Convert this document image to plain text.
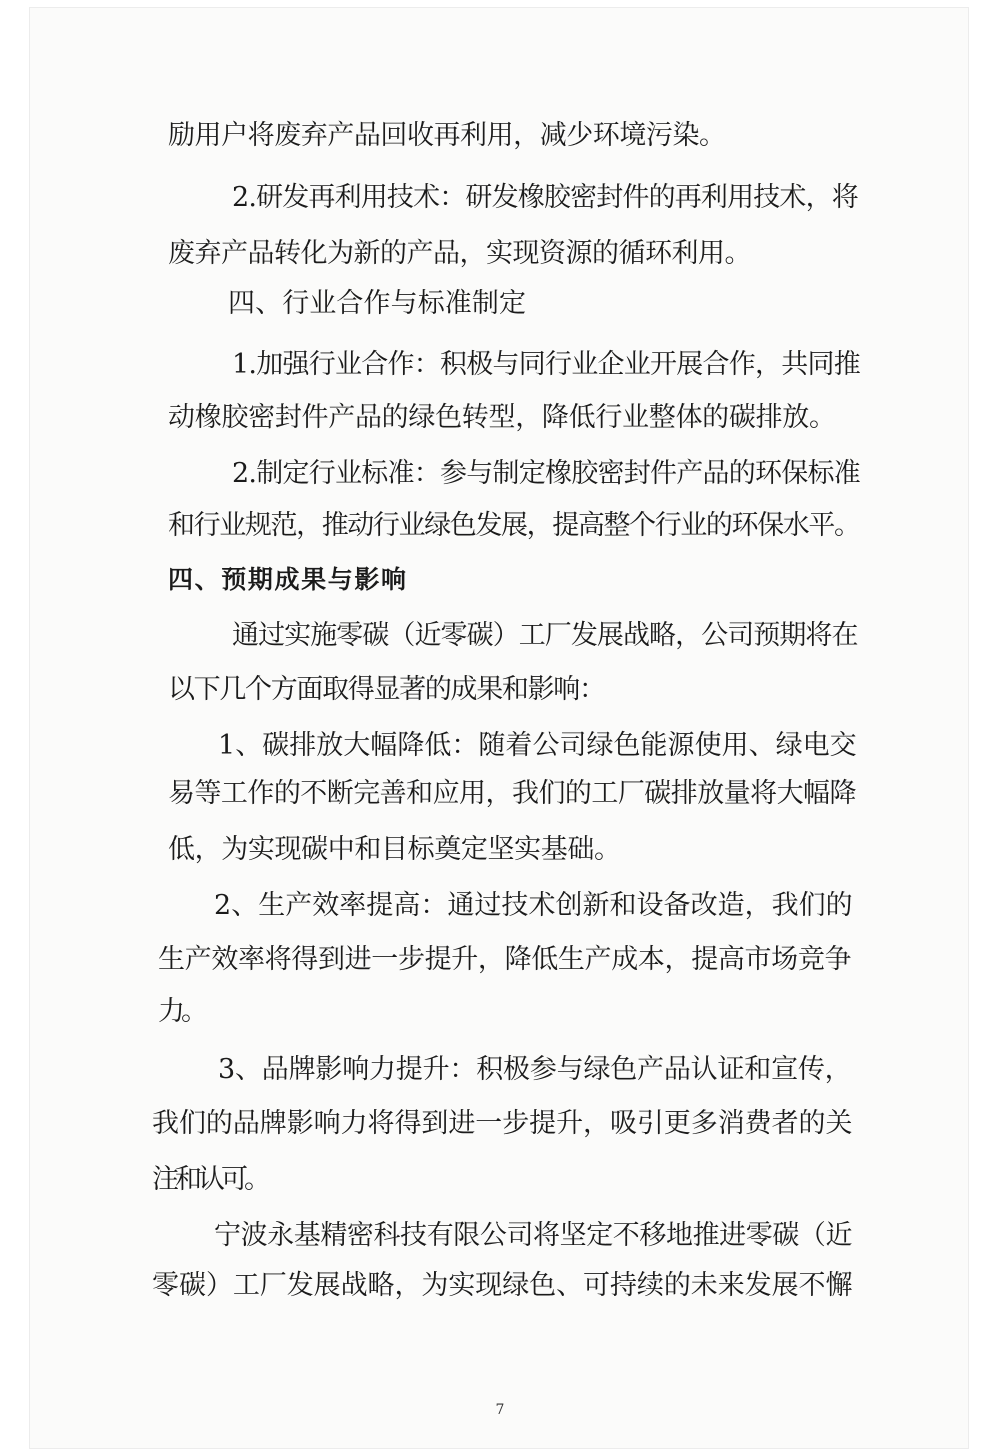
励用户将废弃产品回收再利用，减少环境污染。
2.研发再利用技术：研发橡胶密封件的再利用技术，将
废弃产品转化为新的产品，实现资源的循环利用。
四、行业合作与标准制定
1.加强行业合作：积极与同行业企业开展合作，共同推
动橡胶密封件产品的绿色转型，降低行业整体的碳排放。
2.制定行业标准：参与制定橡胶密封件产品的环保标准
和行业规范，推动行业绿色发展，提高整个行业的环保水平。
四、预期成果与影响
通过实施零碳（近零碳）工厂发展战略，公司预期将在
以下几个方面取得显著的成果和影响：
1、碳排放大幅降低：随着公司绿色能源使用、绿电交
易等工作的不断完善和应用，我们的工厂碳排放量将大幅降
低，为实现碳中和目标奠定坚实基础。
2、生产效率提高：通过技术创新和设备改造，我们的
生产效率将得到进一步提升，降低生产成本，提高市场竞争
力。
3、品牌影响力提升：积极参与绿色产品认证和宣传，
我们的品牌影响力将得到进一步提升，吸引更多消费者的关
注和认可。
宁波永基精密科技有限公司将坚定不移地推进零碳（近
零碳）工厂发展战略，为实现绿色、可持续的未来发展不懈
7
